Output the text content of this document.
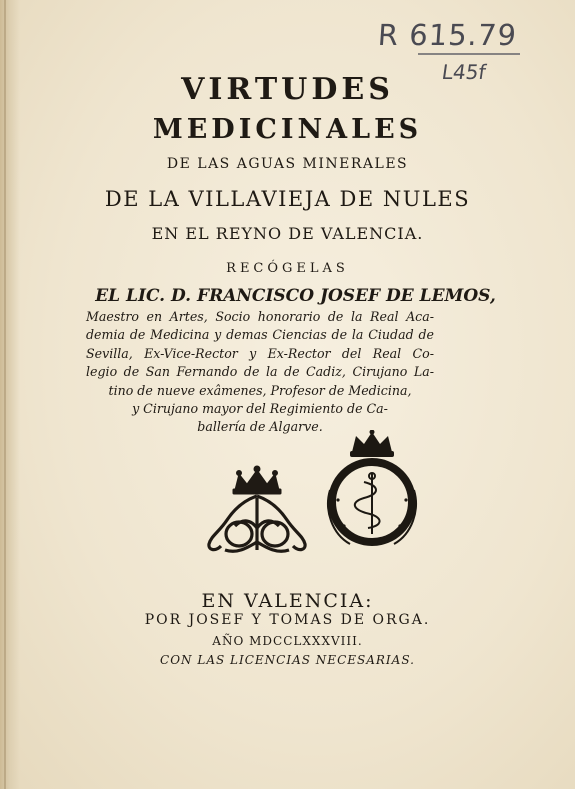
R 615.79
L45f
VIRTUDES
MEDICINALES
DE LAS AGUAS MINERALES
DE LA VILLAVIEJA DE NULES
EN EL REYNO DE VALENCIA.
RECÓGELAS
EL LIC. D. FRANCISCO JOSEF DE LEMOS,
Maestro en Artes, Socio honorario de la Real Aca-
demia de Medicina y demas Ciencias de la Ciudad de
Sevilla, Ex-Vice-Rector y Ex-Rector del Real Co-
legio de San Fernando de la de Cadiz, Cirujano La-
tino de nueve exâmenes, Profesor de Medicina,
y Cirujano mayor del Regimiento de Ca-
ballería de Algarve.
EN VALENCIA:
POR JOSEF Y TOMAS DE ORGA.
AÑO MDCCLXXXVIII.
CON LAS LICENCIAS NECESARIAS.
